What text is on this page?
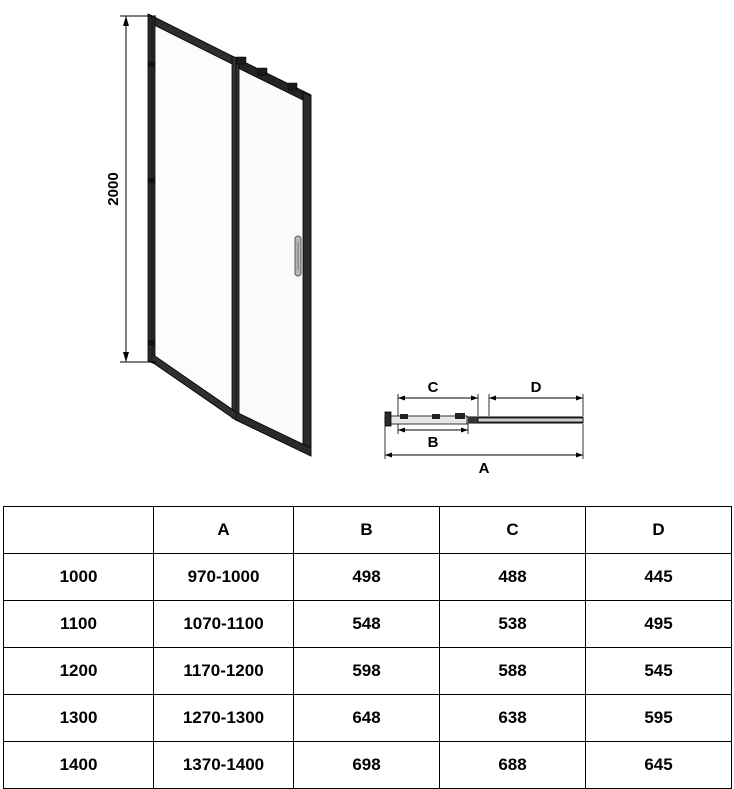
2000
C	D
B
A
	A	B	C	D
1000	970-1000	498	488	445
1100	1070-1100	548	538	495
1200	1170-1200	598	588	545
1300	1270-1300	648	638	595
1400	1370-1400	698	688	645
